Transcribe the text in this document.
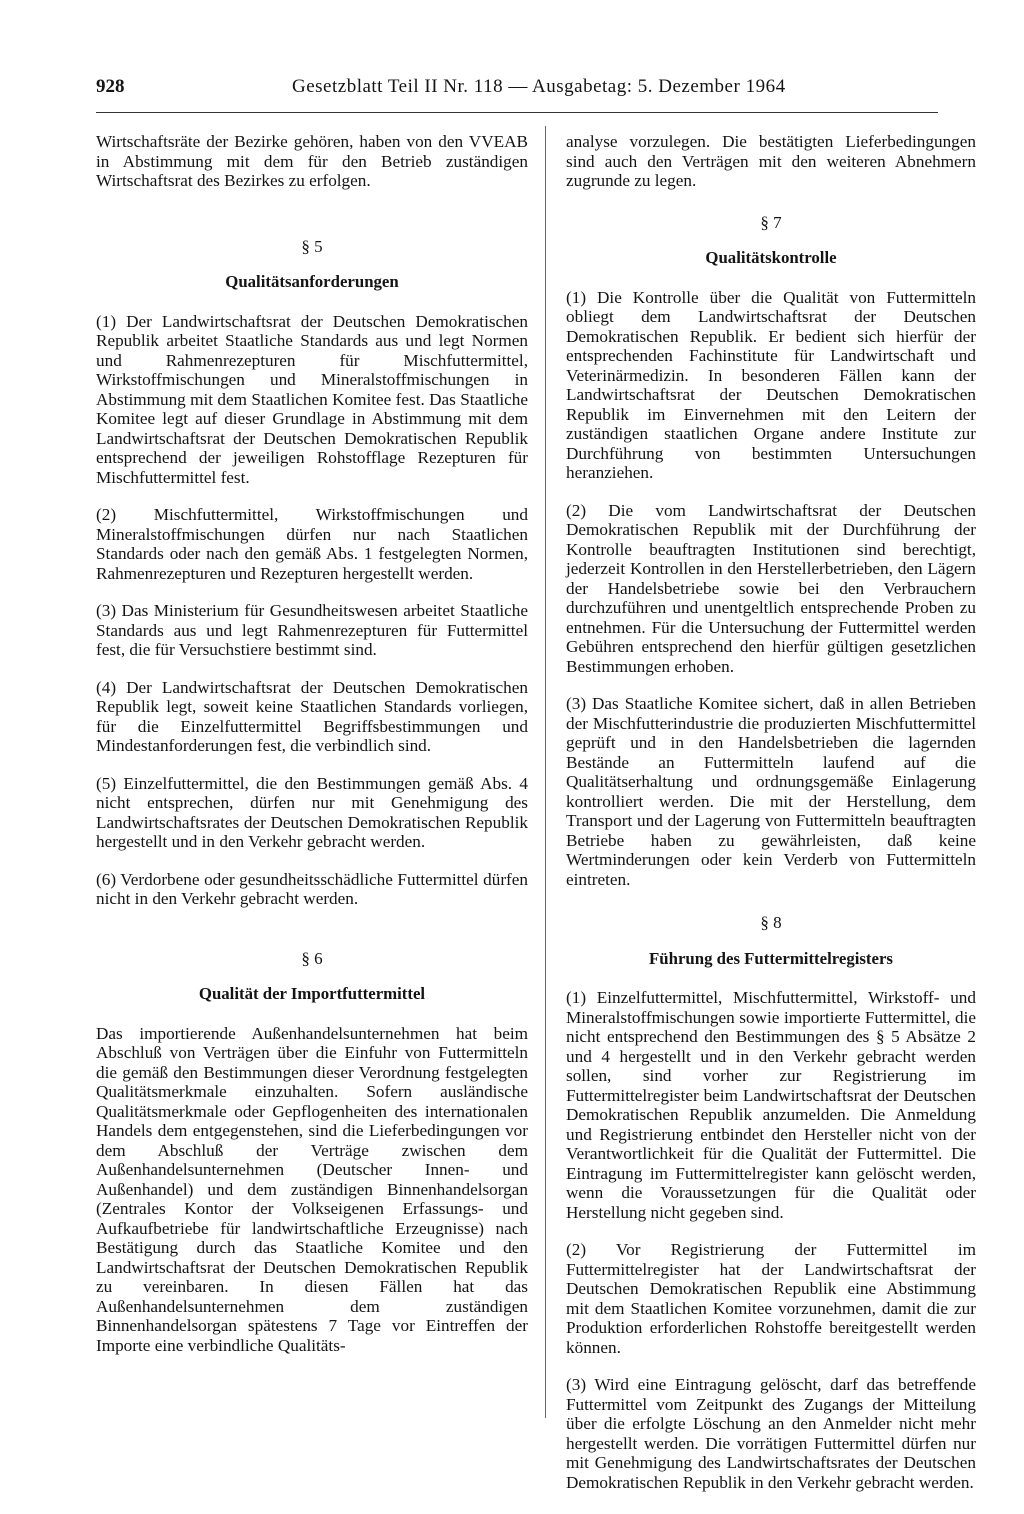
928	Gesetzblatt Teil II Nr. 118 — Ausgabetag: 5. Dezember 1964

Wirtschaftsräte der Bezirke gehören, haben von den VVEAB in Abstimmung mit dem für den Betrieb zuständigen Wirtschaftsrat des Bezirkes zu erfolgen.

§ 5
Qualitätsanforderungen

(1) Der Landwirtschaftsrat der Deutschen Demokratischen Republik arbeitet Staatliche Standards aus und legt Normen und Rahmenrezepturen für Mischfuttermittel, Wirkstoffmischungen und Mineralstoffmischungen in Abstimmung mit dem Staatlichen Komitee fest. Das Staatliche Komitee legt auf dieser Grundlage in Abstimmung mit dem Landwirtschaftsrat der Deutschen Demokratischen Republik entsprechend der jeweiligen Rohstofflage Rezepturen für Mischfuttermittel fest.

(2) Mischfuttermittel, Wirkstoffmischungen und Mineralstoffmischungen dürfen nur nach Staatlichen Standards oder nach den gemäß Abs. 1 festgelegten Normen, Rahmenrezepturen und Rezepturen hergestellt werden.

(3) Das Ministerium für Gesundheitswesen arbeitet Staatliche Standards aus und legt Rahmenrezepturen für Futtermittel fest, die für Versuchstiere bestimmt sind.

(4) Der Landwirtschaftsrat der Deutschen Demokratischen Republik legt, soweit keine Staatlichen Standards vorliegen, für die Einzelfuttermittel Begriffsbestimmungen und Mindestanforderungen fest, die verbindlich sind.

(5) Einzelfuttermittel, die den Bestimmungen gemäß Abs. 4 nicht entsprechen, dürfen nur mit Genehmigung des Landwirtschaftsrates der Deutschen Demokratischen Republik hergestellt und in den Verkehr gebracht werden.

(6) Verdorbene oder gesundheitsschädliche Futtermittel dürfen nicht in den Verkehr gebracht werden.

§ 6
Qualität der Importfuttermittel

Das importierende Außenhandelsunternehmen hat beim Abschluß von Verträgen über die Einfuhr von Futtermitteln die gemäß den Bestimmungen dieser Verordnung festgelegten Qualitätsmerkmale einzuhalten. Sofern ausländische Qualitätsmerkmale oder Gepflogenheiten des internationalen Handels dem entgegenstehen, sind die Lieferbedingungen vor dem Abschluß der Verträge zwischen dem Außenhandelsunternehmen (Deutscher Innen- und Außenhandel) und dem zuständigen Binnenhandelsorgan (Zentrales Kontor der Volkseigenen Erfassungs- und Aufkaufbetriebe für landwirtschaftliche Erzeugnisse) nach Bestätigung durch das Staatliche Komitee und den Landwirtschaftsrat der Deutschen Demokratischen Republik zu vereinbaren. In diesen Fällen hat das Außenhandelsunternehmen dem zuständigen Binnenhandelsorgan spätestens 7 Tage vor Eintreffen der Importe eine verbindliche Qualitäts-

analyse vorzulegen. Die bestätigten Lieferbedingungen sind auch den Verträgen mit den weiteren Abnehmern zugrunde zu legen.

§ 7
Qualitätskontrolle

(1) Die Kontrolle über die Qualität von Futtermitteln obliegt dem Landwirtschaftsrat der Deutschen Demokratischen Republik. Er bedient sich hierfür der entsprechenden Fachinstitute für Landwirtschaft und Veterinärmedizin. In besonderen Fällen kann der Landwirtschaftsrat der Deutschen Demokratischen Republik im Einvernehmen mit den Leitern der zuständigen staatlichen Organe andere Institute zur Durchführung von bestimmten Untersuchungen heranziehen.

(2) Die vom Landwirtschaftsrat der Deutschen Demokratischen Republik mit der Durchführung der Kontrolle beauftragten Institutionen sind berechtigt, jederzeit Kontrollen in den Herstellerbetrieben, den Lägern der Handelsbetriebe sowie bei den Verbrauchern durchzuführen und unentgeltlich entsprechende Proben zu entnehmen. Für die Untersuchung der Futtermittel werden Gebühren entsprechend den hierfür gültigen gesetzlichen Bestimmungen erhoben.

(3) Das Staatliche Komitee sichert, daß in allen Betrieben der Mischfutterindustrie die produzierten Mischfuttermittel geprüft und in den Handelsbetrieben die lagernden Bestände an Futtermitteln laufend auf die Qualitätserhaltung und ordnungsgemäße Einlagerung kontrolliert werden. Die mit der Herstellung, dem Transport und der Lagerung von Futtermitteln beauftragten Betriebe haben zu gewährleisten, daß keine Wertminderungen oder kein Verderb von Futtermitteln eintreten.

§ 8
Führung des Futtermittelregisters

(1) Einzelfuttermittel, Mischfuttermittel, Wirkstoff- und Mineralstoffmischungen sowie importierte Futtermittel, die nicht entsprechend den Bestimmungen des § 5 Absätze 2 und 4 hergestellt und in den Verkehr gebracht werden sollen, sind vorher zur Registrierung im Futtermittelregister beim Landwirtschaftsrat der Deutschen Demokratischen Republik anzumelden. Die Anmeldung und Registrierung entbindet den Hersteller nicht von der Verantwortlichkeit für die Qualität der Futtermittel. Die Eintragung im Futtermittelregister kann gelöscht werden, wenn die Voraussetzungen für die Qualität oder Herstellung nicht gegeben sind.

(2) Vor Registrierung der Futtermittel im Futtermittelregister hat der Landwirtschaftsrat der Deutschen Demokratischen Republik eine Abstimmung mit dem Staatlichen Komitee vorzunehmen, damit die zur Produktion erforderlichen Rohstoffe bereitgestellt werden können.

(3) Wird eine Eintragung gelöscht, darf das betreffende Futtermittel vom Zeitpunkt des Zugangs der Mitteilung über die erfolgte Löschung an den Anmelder nicht mehr hergestellt werden. Die vorrätigen Futtermittel dürfen nur mit Genehmigung des Landwirtschaftsrates der Deutschen Demokratischen Republik in den Verkehr gebracht werden.
